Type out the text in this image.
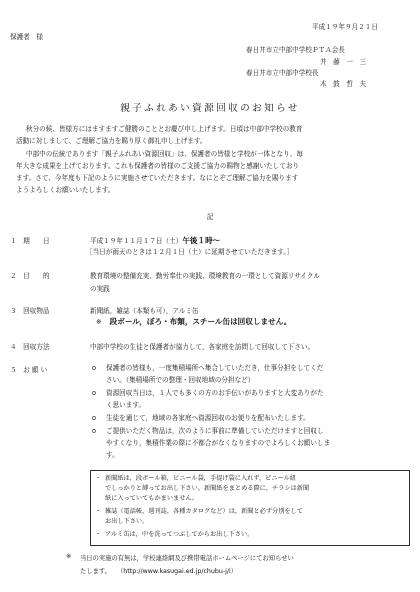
平成１９年９月２１日
保護者　様
春日井市立中部中学校ＰＴＡ会長
井　藤　一　三
春日井市立中部中学校長
木　鼓　哲　夫
親子ふれあい資源回収のお知らせ
秋分の候、皆様方にはますますご健勝のこととお慶び申し上げます。日頃は中部中学校の教育
活動に対しまして、ご理解ご協力を賜り厚く御礼申し上げます。
中部中の伝統であります「親子ふれあい資源回収」は、保護者の皆様と学校が一体となり、毎
年大きな成果を上げております。これも保護者の皆様のご支援ご協力の賜物と感謝いたしており
ます。さて、今年度も下記のように実施させていただきます。なにとぞご理解ご協力を賜ります
ようよろしくお願いいたします。
記
１　期　　日	平成１９年１１月１７日（土）午後１時〜
［当日が雨天のときは１２月１日（土）に延期させていただきます。］
２　目　　的	教育環境の整備充実、勤労奉仕の実践、環境教育の一環として資源リサイクル
の実践
３　回収物品	新聞紙，雑誌（本類も可），アルミ缶
※ 段ボール，ぼろ・布類，スチール缶は回収しません。
４　回収方法	中部中学校の生徒と保護者が協力して，各家庭を訪問して回収して下さい。
５　お 願 い	o 保護者の皆様も，一度集積場所へ集合していただき，仕事分担をしてくだ
さい。（集積場所での整理・回収地域の分担など）
o 資源回収当日は，１人でも多くの方のお手伝いがありますと大変ありがた
く思います。
o 生徒を通じて，地域の各家庭へ資源回収のお便りを配布いたします。
o ご提供いただく物品は，次のように事前に準備していただけますと回収し
やすくなり，集積作業の際に不都合がなくなりますのでよろしくお願いしま
す。
・ 新聞紙は，段ボール箱，ビニール袋，手提げ袋に入れず，ビニール紐
でしっかりと縛ってお出し下さい。新聞紙をまとめる際に，チラシは新聞
紙に入っていてもかまいません。
・ 雑誌（電話帳，週刊誌，各種カタログなど）は，新聞と必ず分別をして
お出し下さい。
・ アルミ缶は，中を洗ってつぶしてからお出し下さい。
※ 当日の実施の有無は，学校連絡網及び携帯電話ホームページにてお知らせい
たします。 （http://www.kasugai.ed.jp/chubu-j/i）
